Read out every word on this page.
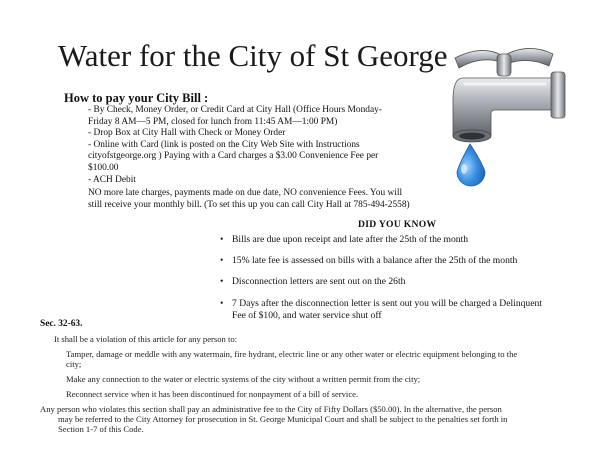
Water for the City of St George
How to pay your City Bill :
- By Check, Money Order, or Credit Card at City Hall (Office Hours Monday-
Friday 8 AM—5 PM, closed for lunch from 11:45 AM—1:00 PM)
- Drop Box at City Hall with Check or Money Order
- Online with Card (link is posted on the City Web Site with Instructions
cityofstgeorge.org ) Paying with a Card charges a $3.00 Convenience Fee per
$100.00
- ACH Debit
NO more late charges, payments made on due date, NO convenience Fees. You will
still receive your monthly bill. (To set this up you can call City Hall at 785-494-2558)
DID YOU KNOW
• Bills are due upon receipt and late after the 25th of the month
• 15% late fee is assessed on bills with a balance after the 25th of the month
• Disconnection letters are sent out on the 26th
• 7 Days after the disconnection letter is sent out you will be charged a Delinquent
Fee of $100, and water service shut off
Sec. 32-63.
It shall be a violation of this article for any person to:
Tamper, damage or meddle with any watermain, fire hydrant, electric line or any other water or electric equipment belonging to the
city;
Make any connection to the water or electric systems of the city without a written permit from the city;
Reconnect service when it has been discontinued for nonpayment of a bill of service.
Any person who violates this section shall pay an administrative fee to the City of Fifty Dollars ($50.00). In the alternative, the person
may be referred to the City Attorney for prosecution in St. George Municipal Court and shall be subject to the penalties set forth in
Section 1-7 of this Code.
